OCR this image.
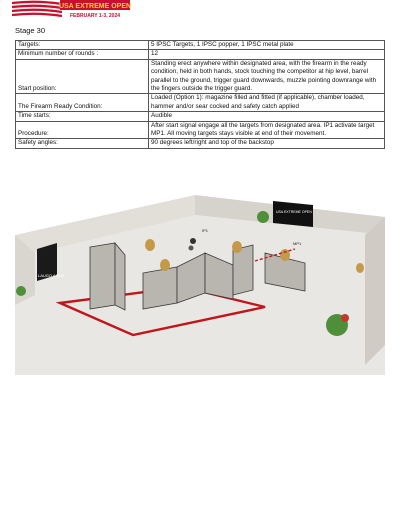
USA EXTREME OPEN
FEBRUARY 1-3, 2024
Stage 30
Targets:	5 IPSC Targets, 1 IPSC popper, 1 IPSC metal plate
Minimum number of rounds :	12
Start position:	Standing erect anywhere within designated area, with the firearm in the ready condition, held in both hands, stock touching the competitor at hip level, barrel parallel to the ground, trigger guard downwards, muzzle pointing downrange with the fingers outside the trigger guard.
The Firearm Ready Condition:	Loaded (Option 1): magazine filled and fitted (if applicable), chamber loaded, hammer and/or sear cocked and safety catch applied
Time starts:	Audible
Procedure:	After start signal engage all the targets from designated area. IP1 activate target MP1. All moving targets stays visible at end of their movement.
Safety angles:	90 degrees left/right and top of the backstop
LAUGO ARMS
USA EXTREME OPEN
IP1
MP1
